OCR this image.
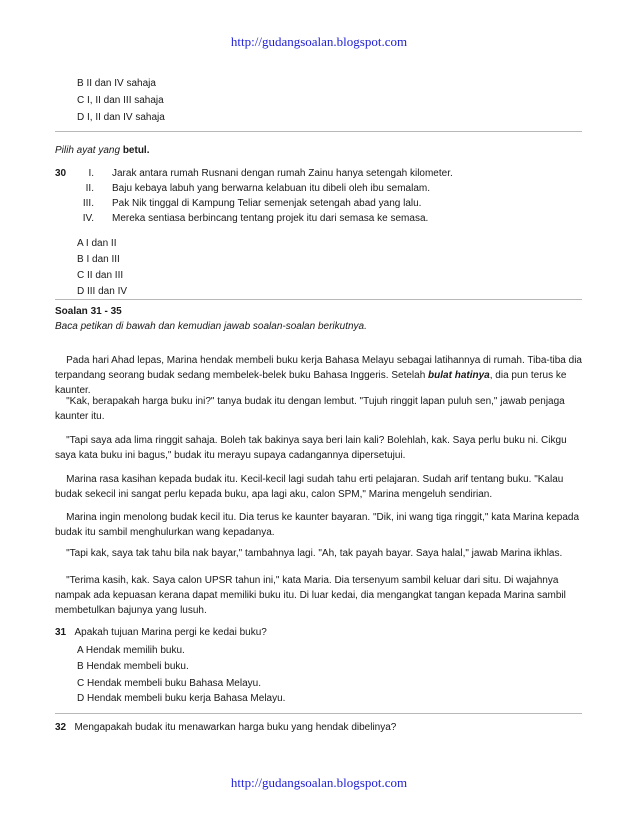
http://gudangsoalan.blogspot.com
B II dan IV sahaja
C I, II dan III sahaja
D I, II dan IV sahaja
Pilih ayat yang betul.
30	I. Jarak antara rumah Rusnani dengan rumah Zainu hanya setengah kilometer.
II. Baju kebaya labuh yang berwarna kelabuan itu dibeli oleh ibu semalam.
III. Pak Nik tinggal di Kampung Teliar semenjak setengah abad yang lalu.
IV. Mereka sentiasa berbincang tentang projek itu dari semasa ke semasa.
A I dan II
B I dan III
C II dan III
D III dan IV
Soalan 31 - 35
Baca petikan di bawah dan kemudian jawab soalan-soalan berikutnya.
Pada hari Ahad lepas, Marina hendak membeli buku kerja Bahasa Melayu sebagai latihannya di rumah. Tiba-tiba dia terpandang seorang budak sedang membelek-belek buku Bahasa Inggeris. Setelah bulat hatinya, dia pun terus ke kaunter.
"Kak, berapakah harga buku ini?" tanya budak itu dengan lembut. "Tujuh ringgit lapan puluh sen," jawab penjaga kaunter itu.
"Tapi saya ada lima ringgit sahaja. Boleh tak bakinya saya beri lain kali? Bolehlah, kak. Saya perlu buku ni. Cikgu saya kata buku ini bagus," budak itu merayu supaya cadangannya dipersetujui.
Marina rasa kasihan kepada budak itu. Kecil-kecil lagi sudah tahu erti pelajaran. Sudah arif tentang buku. "Kalau budak sekecil ini sangat perlu kepada buku, apa lagi aku, calon SPM," Marina mengeluh sendirian.
Marina ingin menolong budak kecil itu. Dia terus ke kaunter bayaran. "Dik, ini wang tiga ringgit," kata Marina kepada budak itu sambil menghulurkan wang kepadanya.
"Tapi kak, saya tak tahu bila nak bayar," tambahnya lagi. "Ah, tak payah bayar. Saya halal," jawab Marina ikhlas.
"Terima kasih, kak. Saya calon UPSR tahun ini," kata Maria. Dia tersenyum sambil keluar dari situ. Di wajahnya nampak ada kepuasan kerana dapat memiliki buku itu. Di luar kedai, dia mengangkat tangan kepada Marina sambil membetulkan bajunya yang lusuh.
31 Apakah tujuan Marina pergi ke kedai buku?
A Hendak memilih buku.
B Hendak membeli buku.
C Hendak membeli buku Bahasa Melayu.
D Hendak membeli buku kerja Bahasa Melayu.
32 Mengapakah budak itu menawarkan harga buku yang hendak dibelinya?
http://gudangsoalan.blogspot.com
